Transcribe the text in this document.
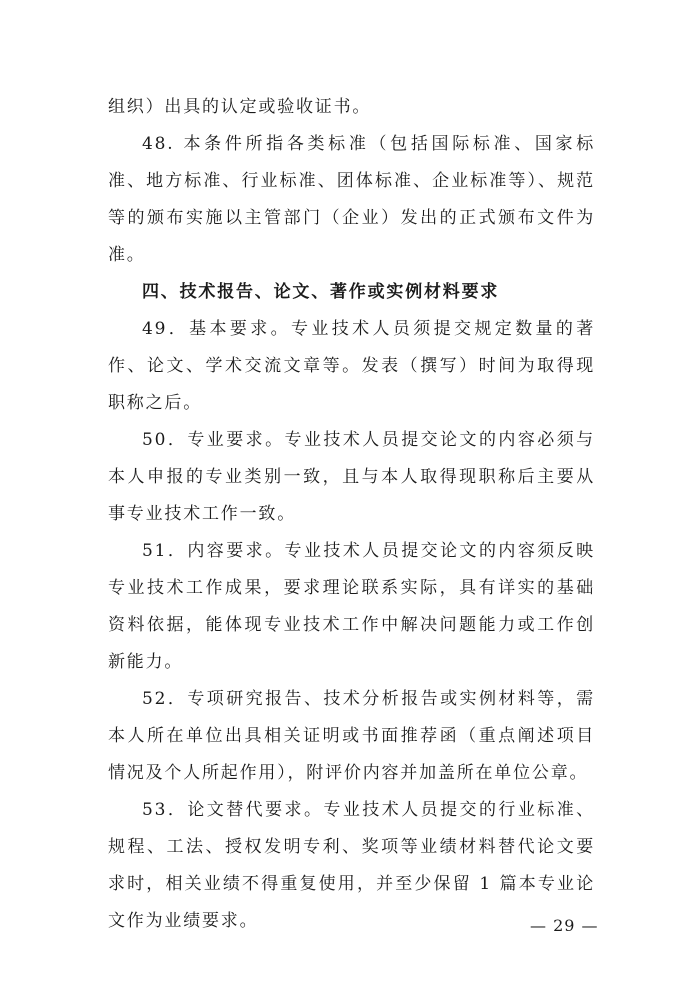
组织）出具的认定或验收证书。

48. 本条件所指各类标准（包括国际标准、国家标准、地方标准、行业标准、团体标准、企业标准等）、规范等的颁布实施以主管部门（企业）发出的正式颁布文件为准。

四、技术报告、论文、著作或实例材料要求

49．基本要求。专业技术人员须提交规定数量的著作、论文、学术交流文章等。发表（撰写）时间为取得现职称之后。

50．专业要求。专业技术人员提交论文的内容必须与本人申报的专业类别一致，且与本人取得现职称后主要从事专业技术工作一致。

51．内容要求。专业技术人员提交论文的内容须反映专业技术工作成果，要求理论联系实际，具有详实的基础资料依据，能体现专业技术工作中解决问题能力或工作创新能力。

52．专项研究报告、技术分析报告或实例材料等，需本人所在单位出具相关证明或书面推荐函（重点阐述项目情况及个人所起作用），附评价内容并加盖所在单位公章。

53．论文替代要求。专业技术人员提交的行业标准、规程、工法、授权发明专利、奖项等业绩材料替代论文要求时，相关业绩不得重复使用，并至少保留 1 篇本专业论文作为业绩要求。	— 29 —
